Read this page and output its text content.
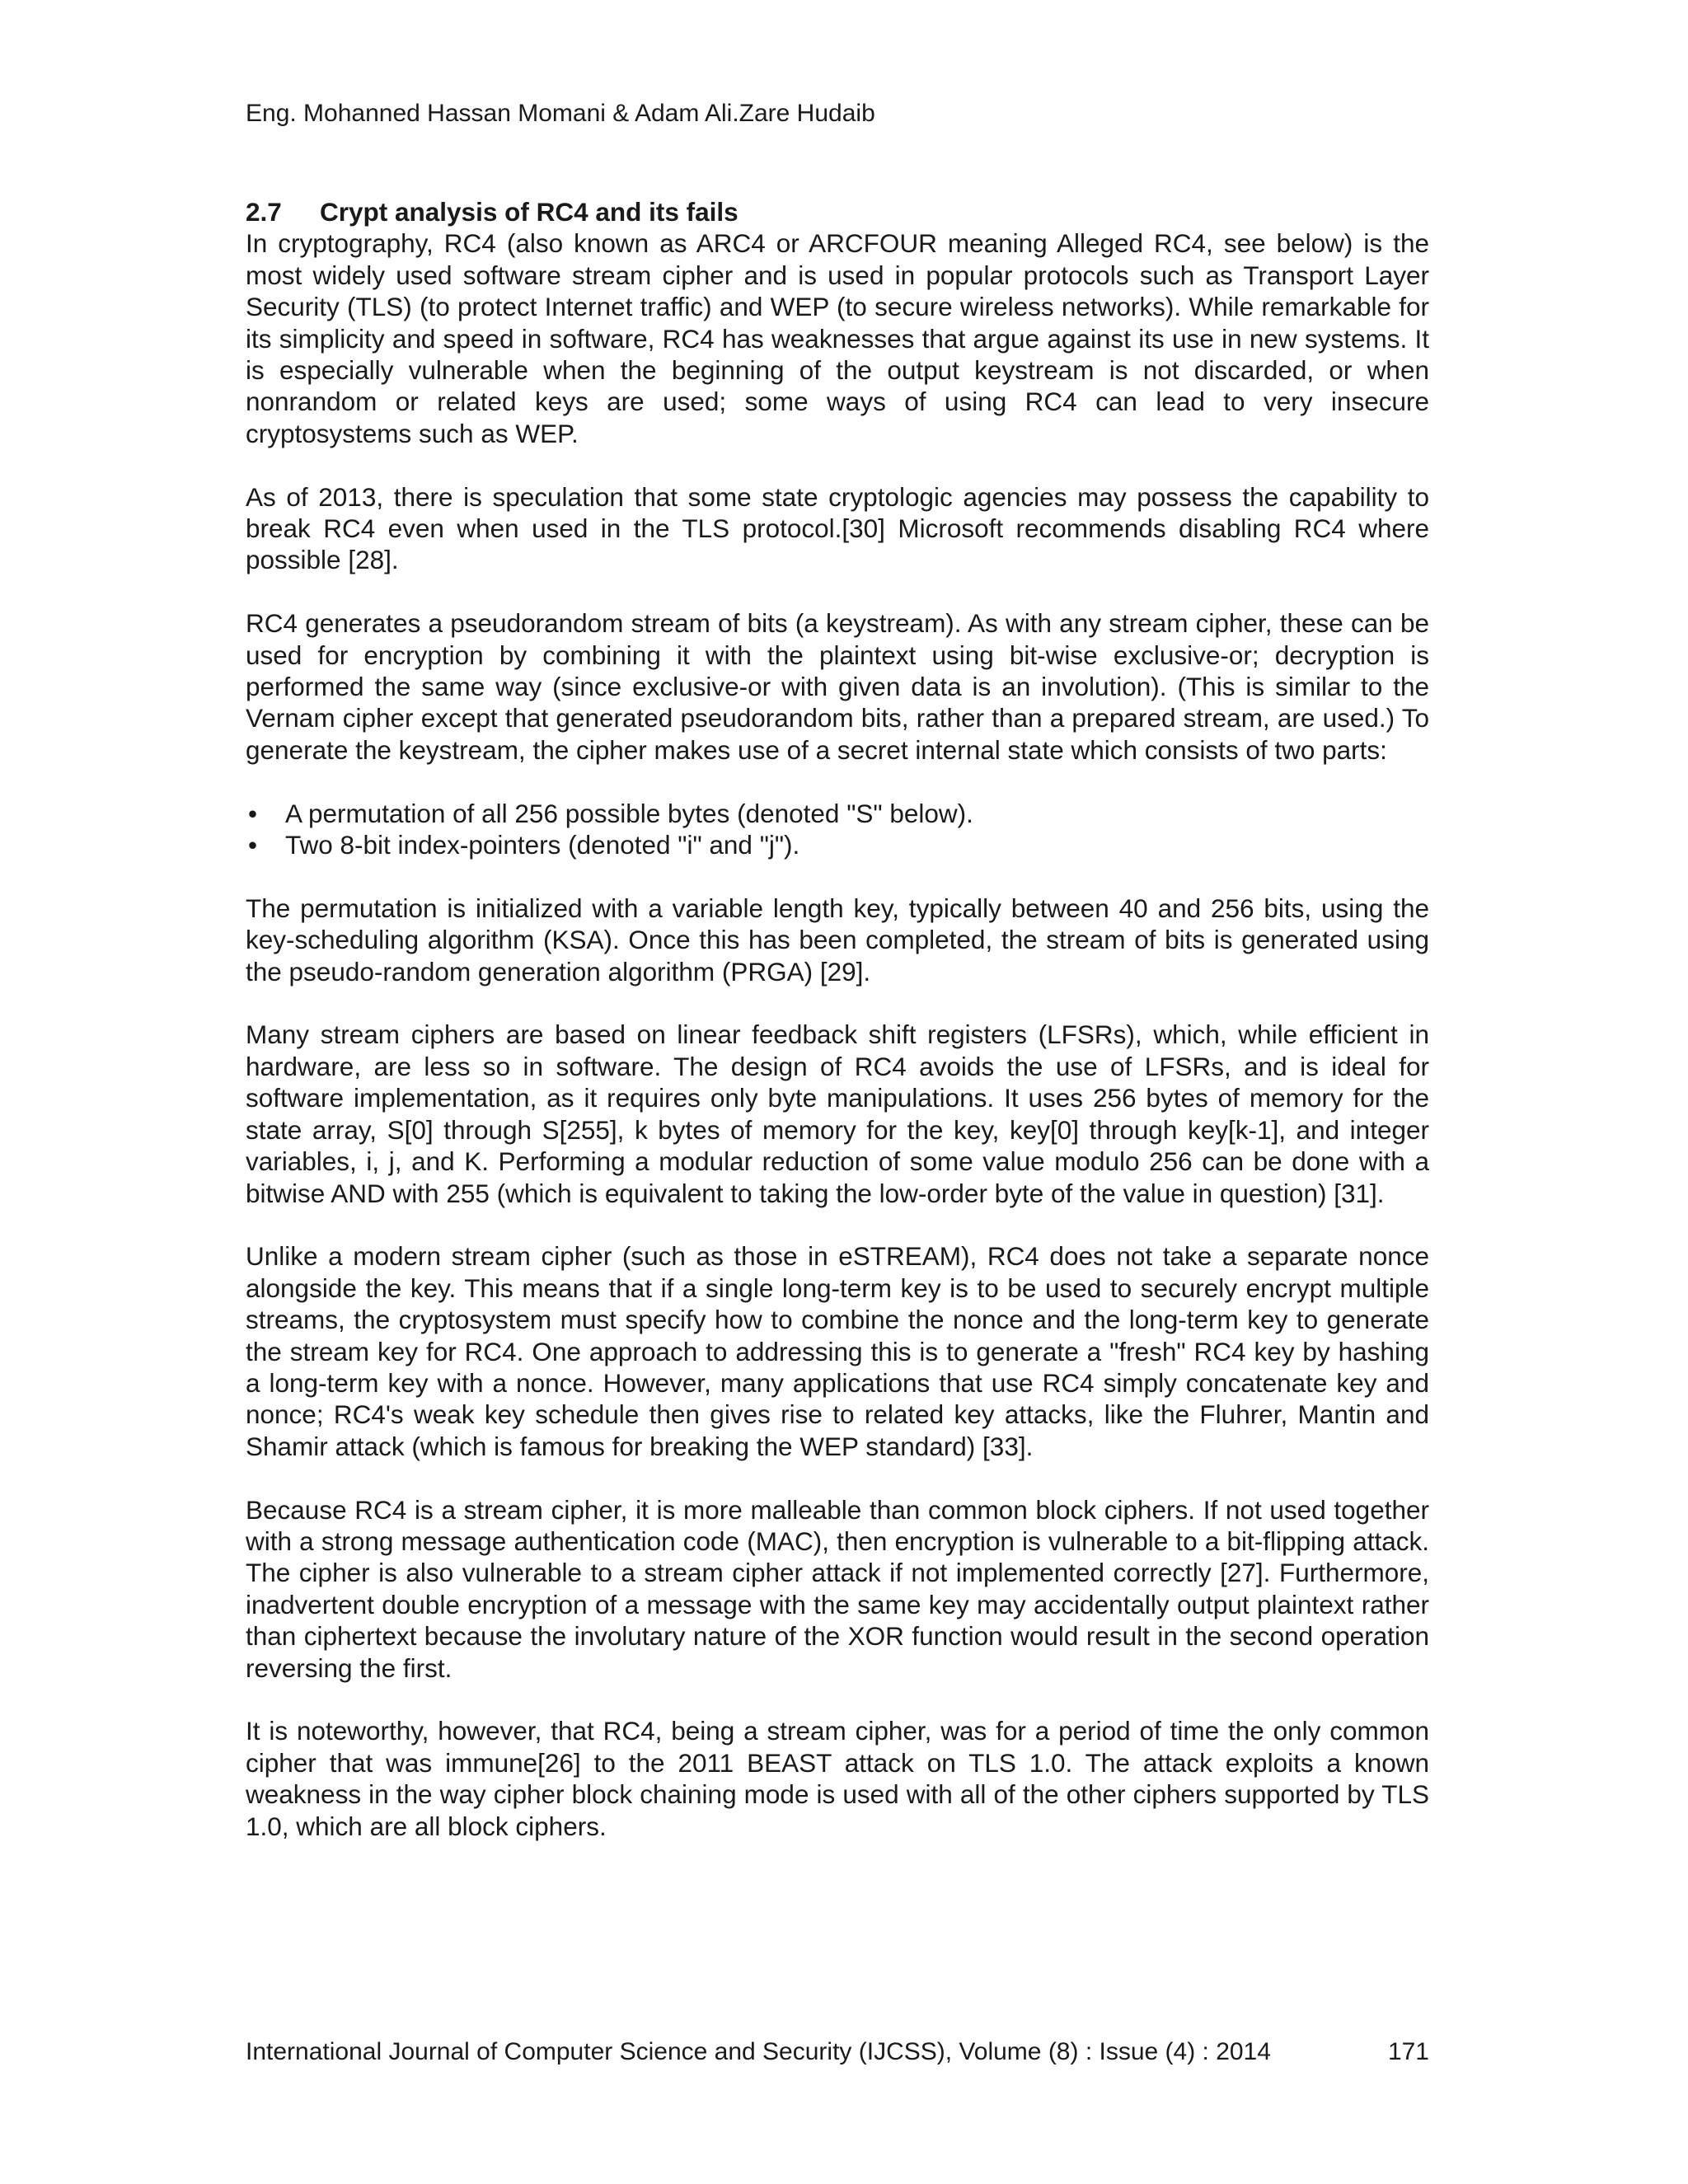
Eng. Mohanned Hassan Momani & Adam Ali.Zare Hudaib
2.7 Crypt analysis of RC4 and its fails

In cryptography, RC4 (also known as ARC4 or ARCFOUR meaning Alleged RC4, see below) is the most widely used software stream cipher and is used in popular protocols such as Transport Layer Security (TLS) (to protect Internet traffic) and WEP (to secure wireless networks). While remarkable for its simplicity and speed in software, RC4 has weaknesses that argue against its use in new systems. It is especially vulnerable when the beginning of the output keystream is not discarded, or when nonrandom or related keys are used; some ways of using RC4 can lead to very insecure cryptosystems such as WEP.

As of 2013, there is speculation that some state cryptologic agencies may possess the capability to break RC4 even when used in the TLS protocol.[30] Microsoft recommends disabling RC4 where possible [28].

RC4 generates a pseudorandom stream of bits (a keystream). As with any stream cipher, these can be used for encryption by combining it with the plaintext using bit-wise exclusive-or; decryption is performed the same way (since exclusive-or with given data is an involution). (This is similar to the Vernam cipher except that generated pseudorandom bits, rather than a prepared stream, are used.) To generate the keystream, the cipher makes use of a secret internal state which consists of two parts:

• A permutation of all 256 possible bytes (denoted "S" below).
• Two 8-bit index-pointers (denoted "i" and "j").

The permutation is initialized with a variable length key, typically between 40 and 256 bits, using the key-scheduling algorithm (KSA). Once this has been completed, the stream of bits is generated using the pseudo-random generation algorithm (PRGA) [29].

Many stream ciphers are based on linear feedback shift registers (LFSRs), which, while efficient in hardware, are less so in software. The design of RC4 avoids the use of LFSRs, and is ideal for software implementation, as it requires only byte manipulations. It uses 256 bytes of memory for the state array, S[0] through S[255], k bytes of memory for the key, key[0] through key[k-1], and integer variables, i, j, and K. Performing a modular reduction of some value modulo 256 can be done with a bitwise AND with 255 (which is equivalent to taking the low-order byte of the value in question) [31].

Unlike a modern stream cipher (such as those in eSTREAM), RC4 does not take a separate nonce alongside the key. This means that if a single long-term key is to be used to securely encrypt multiple streams, the cryptosystem must specify how to combine the nonce and the long-term key to generate the stream key for RC4. One approach to addressing this is to generate a "fresh" RC4 key by hashing a long-term key with a nonce. However, many applications that use RC4 simply concatenate key and nonce; RC4's weak key schedule then gives rise to related key attacks, like the Fluhrer, Mantin and Shamir attack (which is famous for breaking the WEP standard) [33].

Because RC4 is a stream cipher, it is more malleable than common block ciphers. If not used together with a strong message authentication code (MAC), then encryption is vulnerable to a bit-flipping attack. The cipher is also vulnerable to a stream cipher attack if not implemented correctly [27]. Furthermore, inadvertent double encryption of a message with the same key may accidentally output plaintext rather than ciphertext because the involutary nature of the XOR function would result in the second operation reversing the first.

It is noteworthy, however, that RC4, being a stream cipher, was for a period of time the only common cipher that was immune[26] to the 2011 BEAST attack on TLS 1.0. The attack exploits a known weakness in the way cipher block chaining mode is used with all of the other ciphers supported by TLS 1.0, which are all block ciphers.

International Journal of Computer Science and Security (IJCSS), Volume (8) : Issue (4) : 2014	171
